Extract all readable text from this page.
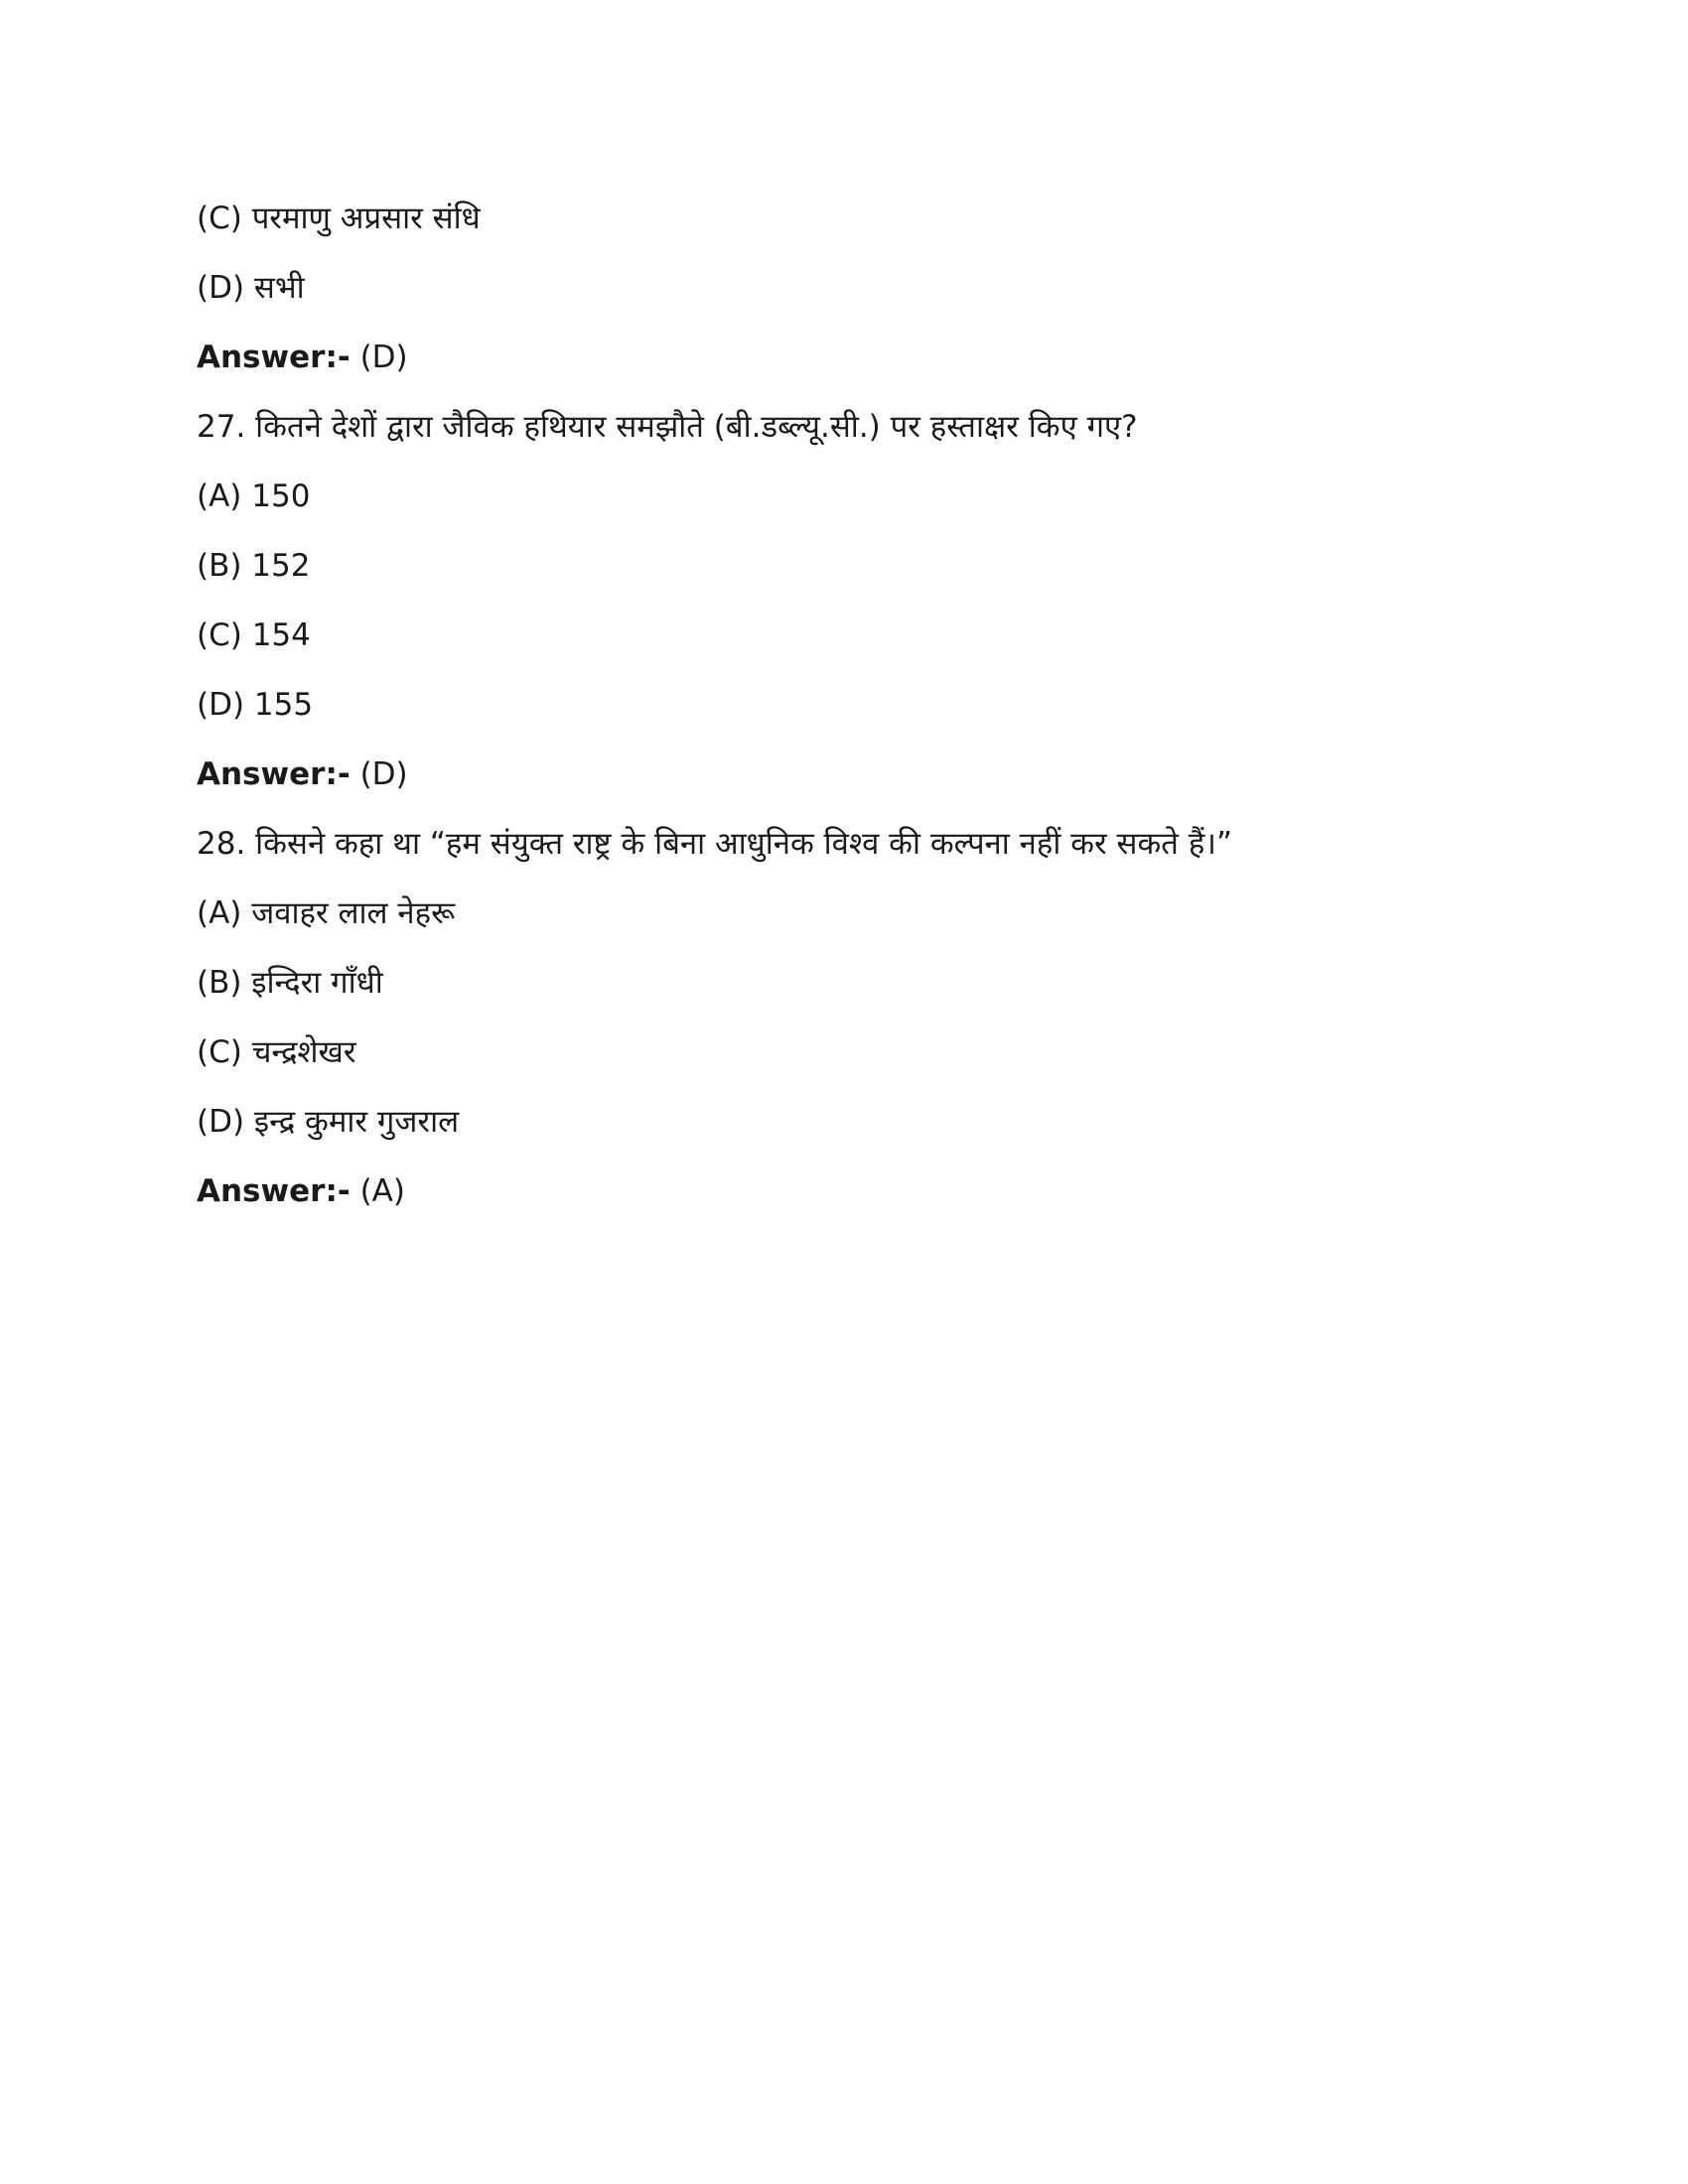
(C) परमाणु अप्रसार संधि
(D) सभी
Answer:- (D)
27. कितने देशों द्वारा जैविक हथियार समझौते (बी.डब्ल्यू.सी.) पर हस्ताक्षर किए गए?
(A) 150
(B) 152
(C) 154
(D) 155
Answer:- (D)
28. किसने कहा था “हम संयुक्त राष्ट्र के बिना आधुनिक विश्व की कल्पना नहीं कर सकते हैं।”
(A) जवाहर लाल नेहरू
(B) इन्दिरा गाँधी
(C) चन्द्रशेखर
(D) इन्द्र कुमार गुजराल
Answer:- (A)
